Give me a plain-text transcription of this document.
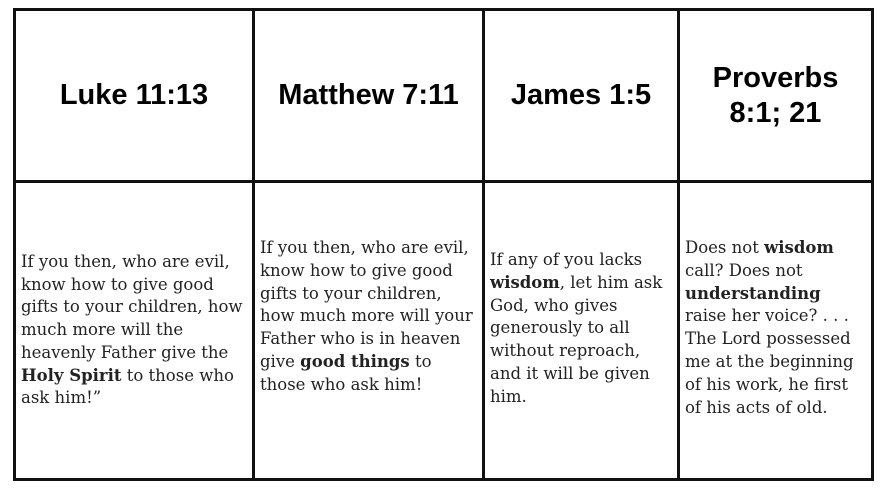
Luke 11:13 Matthew 7:11 James 1:5
Proverbs 8:1; 21

If you then, who are evil, know how to give good gifts to your children, how much more will the heavenly Father give the Holy Spirit to those who ask him!”

If you then, who are evil, know how to give good gifts to your children, how much more will your Father who is in heaven give good things to those who ask him!

If any of you lacks wisdom, let him ask God, who gives generously to all without reproach, and it will be given him.

Does not wisdom call? Does not understanding raise her voice? . . . The Lord possessed me at the beginning of his work, he first of his acts of old.
